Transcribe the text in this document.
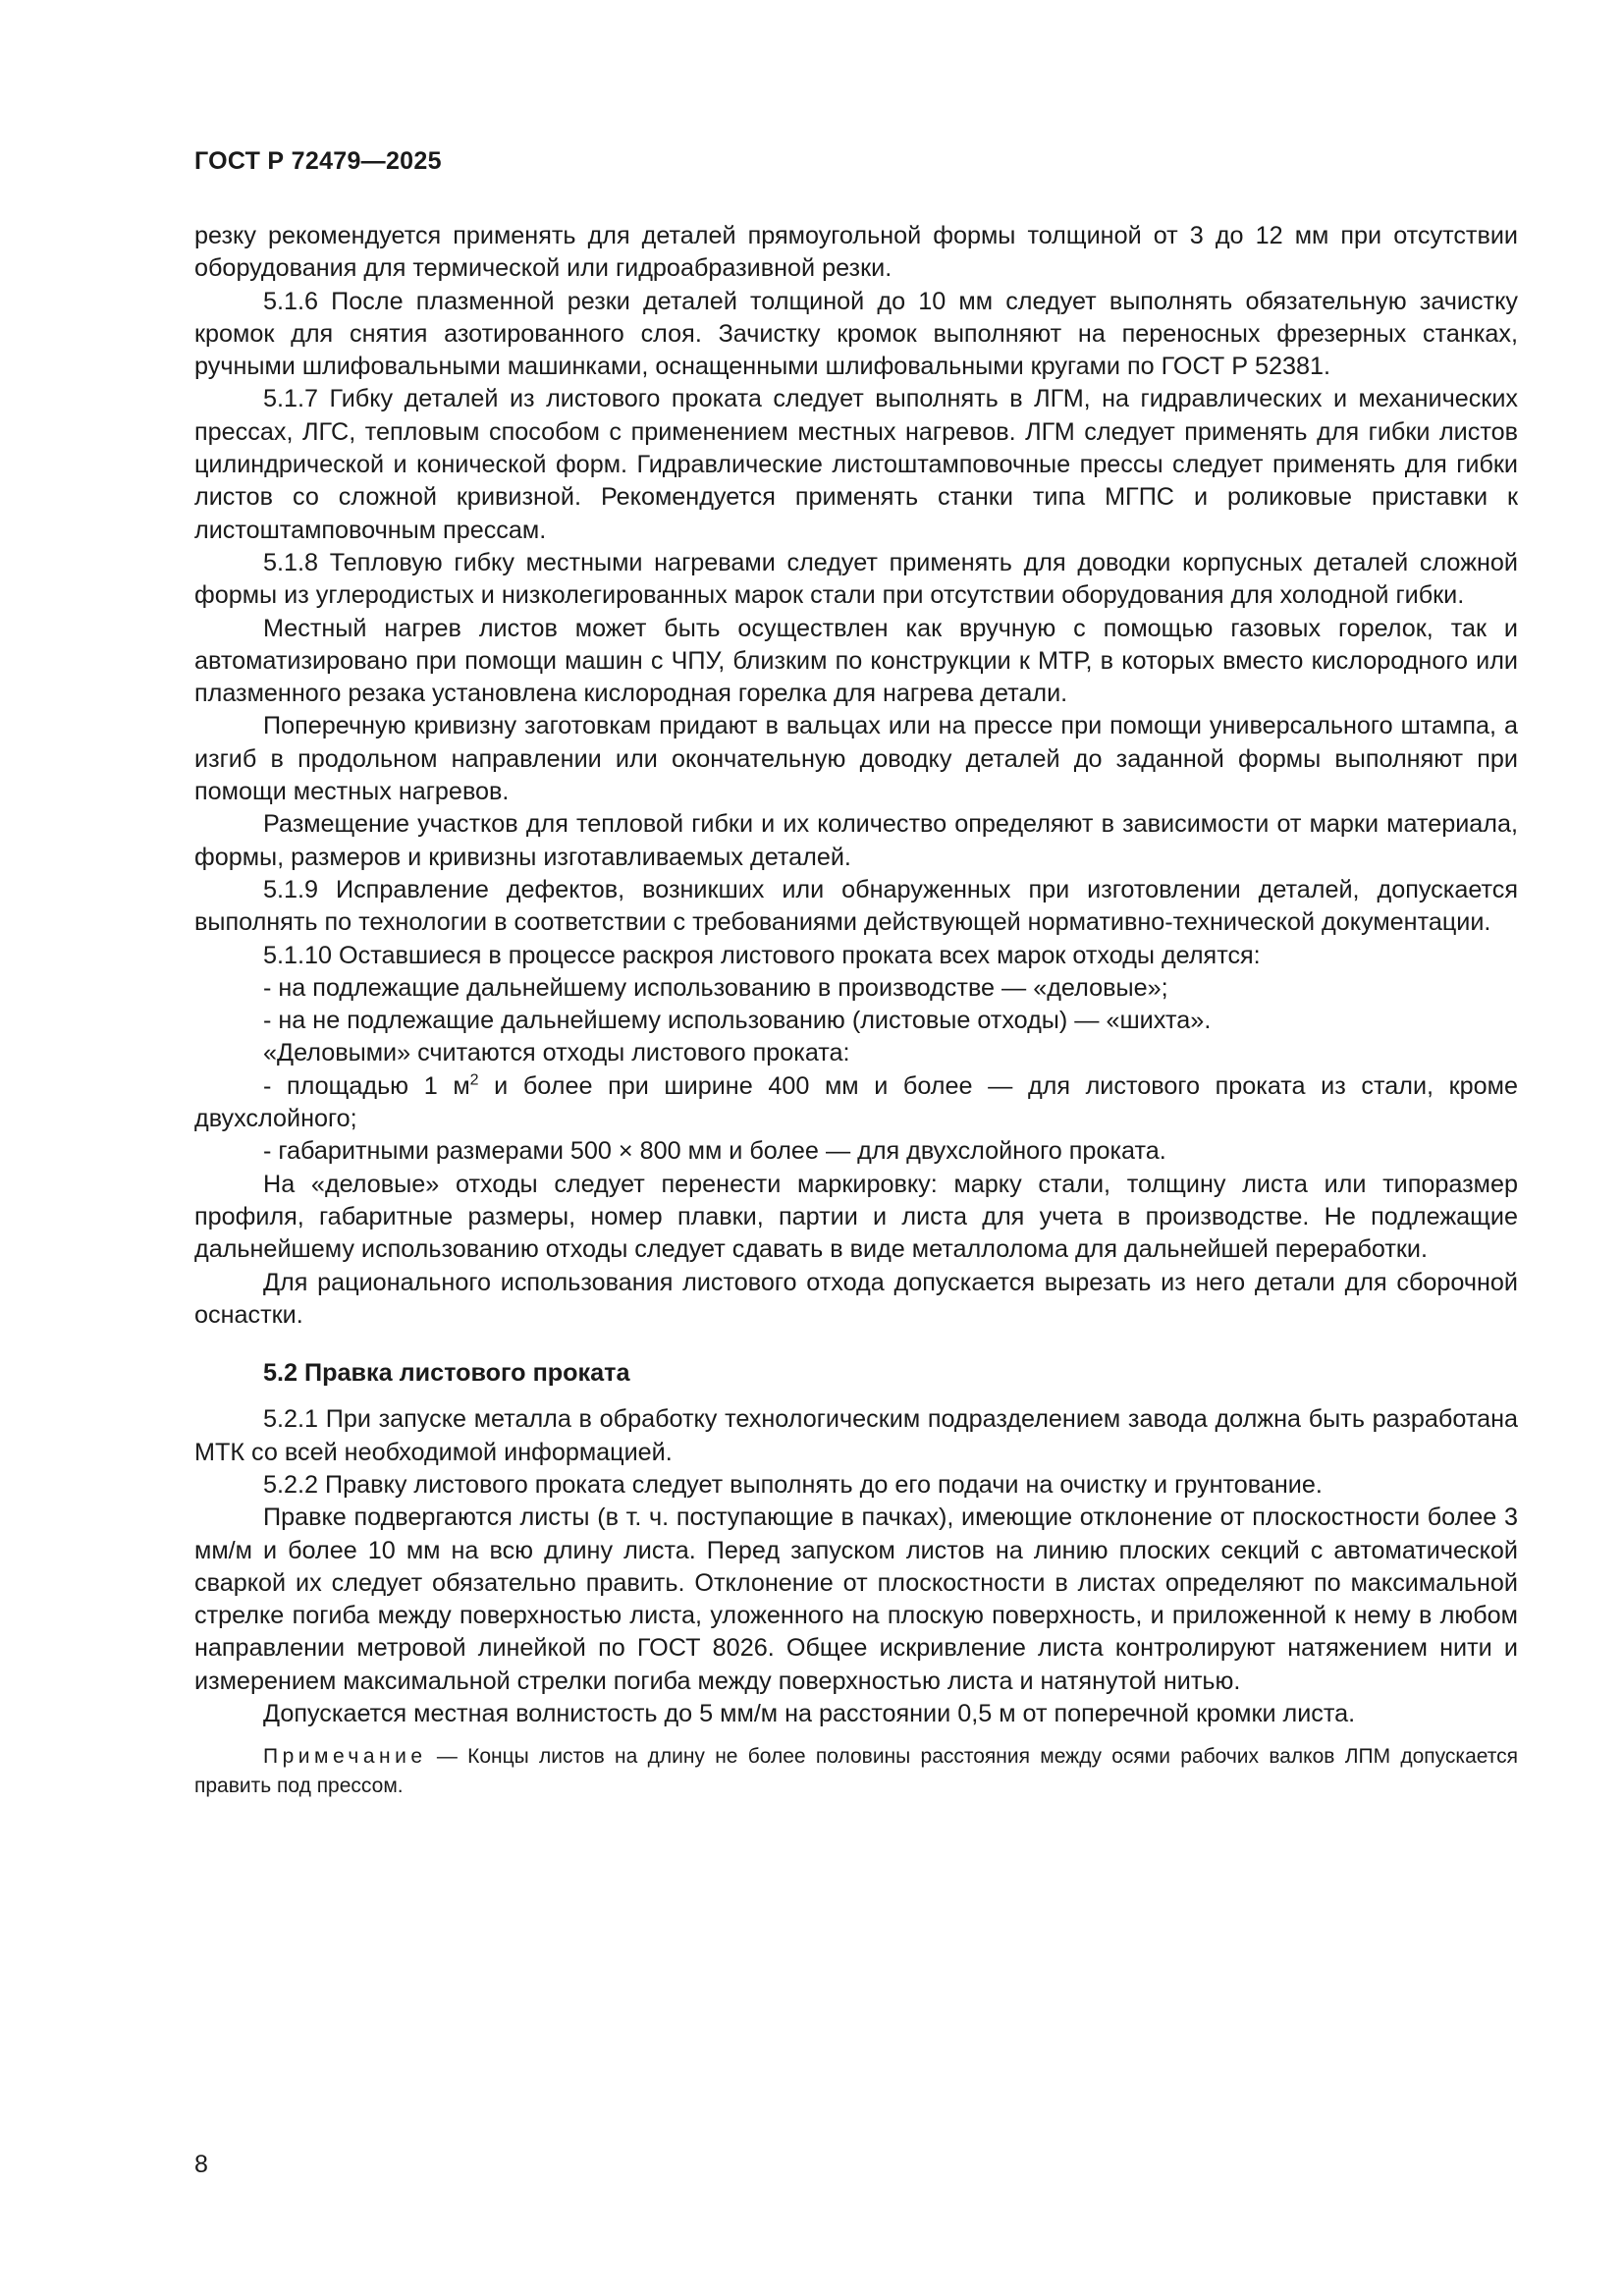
ГОСТ Р 72479—2025

резку рекомендуется применять для деталей прямоугольной формы толщиной от 3 до 12 мм при отсутствии оборудования для термической или гидроабразивной резки.

5.1.6 После плазменной резки деталей толщиной до 10 мм следует выполнять обязательную зачистку кромок для снятия азотированного слоя. Зачистку кромок выполняют на переносных фрезерных станках, ручными шлифовальными машинками, оснащенными шлифовальными кругами по ГОСТ Р 52381.

5.1.7 Гибку деталей из листового проката следует выполнять в ЛГМ, на гидравлических и механических прессах, ЛГС, тепловым способом с применением местных нагревов. ЛГМ следует применять для гибки листов цилиндрической и конической форм. Гидравлические листоштамповочные прессы следует применять для гибки листов со сложной кривизной. Рекомендуется применять станки типа МГПС и роликовые приставки к листоштамповочным прессам.

5.1.8 Тепловую гибку местными нагревами следует применять для доводки корпусных деталей сложной формы из углеродистых и низколегированных марок стали при отсутствии оборудования для холодной гибки.

Местный нагрев листов может быть осуществлен как вручную с помощью газовых горелок, так и автоматизировано при помощи машин с ЧПУ, близким по конструкции к МТР, в которых вместо кислородного или плазменного резака установлена кислородная горелка для нагрева детали.

Поперечную кривизну заготовкам придают в вальцах или на прессе при помощи универсального штампа, а изгиб в продольном направлении или окончательную доводку деталей до заданной формы выполняют при помощи местных нагревов.

Размещение участков для тепловой гибки и их количество определяют в зависимости от марки материала, формы, размеров и кривизны изготавливаемых деталей.

5.1.9 Исправление дефектов, возникших или обнаруженных при изготовлении деталей, допускается выполнять по технологии в соответствии с требованиями действующей нормативно-технической документации.

5.1.10 Оставшиеся в процессе раскроя листового проката всех марок отходы делятся:

- на подлежащие дальнейшему использованию в производстве — «деловые»;

- на не подлежащие дальнейшему использованию (листовые отходы) — «шихта».

«Деловыми» считаются отходы листового проката:

- площадью 1 $м^2$ и более при ширине 400 мм и более — для листового проката из стали, кроме двухслойного;

- габаритными размерами 500 × 800 мм и более — для двухслойного проката.

На «деловые» отходы следует перенести маркировку: марку стали, толщину листа или типоразмер профиля, габаритные размеры, номер плавки, партии и листа для учета в производстве. Не подлежащие дальнейшему использованию отходы следует сдавать в виде металлолома для дальнейшей переработки.

Для рационального использования листового отхода допускается вырезать из него детали для сборочной оснастки.

5.2 Правка листового проката

5.2.1 При запуске металла в обработку технологическим подразделением завода должна быть разработана МТК со всей необходимой информацией.

5.2.2 Правку листового проката следует выполнять до его подачи на очистку и грунтование.

Правке подвергаются листы (в т. ч. поступающие в пачках), имеющие отклонение от плоскостности более 3 мм/м и более 10 мм на всю длину листа. Перед запуском листов на линию плоских секций с автоматической сваркой их следует обязательно править. Отклонение от плоскостности в листах определяют по максимальной стрелке погиба между поверхностью листа, уложенного на плоскую поверхность, и приложенной к нему в любом направлении метровой линейкой по ГОСТ 8026. Общее искривление листа контролируют натяжением нити и измерением максимальной стрелки погиба между поверхностью листа и натянутой нитью.

Допускается местная волнистость до 5 мм/м на расстоянии 0,5 м от поперечной кромки листа.

Примечание — Концы листов на длину не более половины расстояния между осями рабочих валков ЛПМ допускается править под прессом.

8
